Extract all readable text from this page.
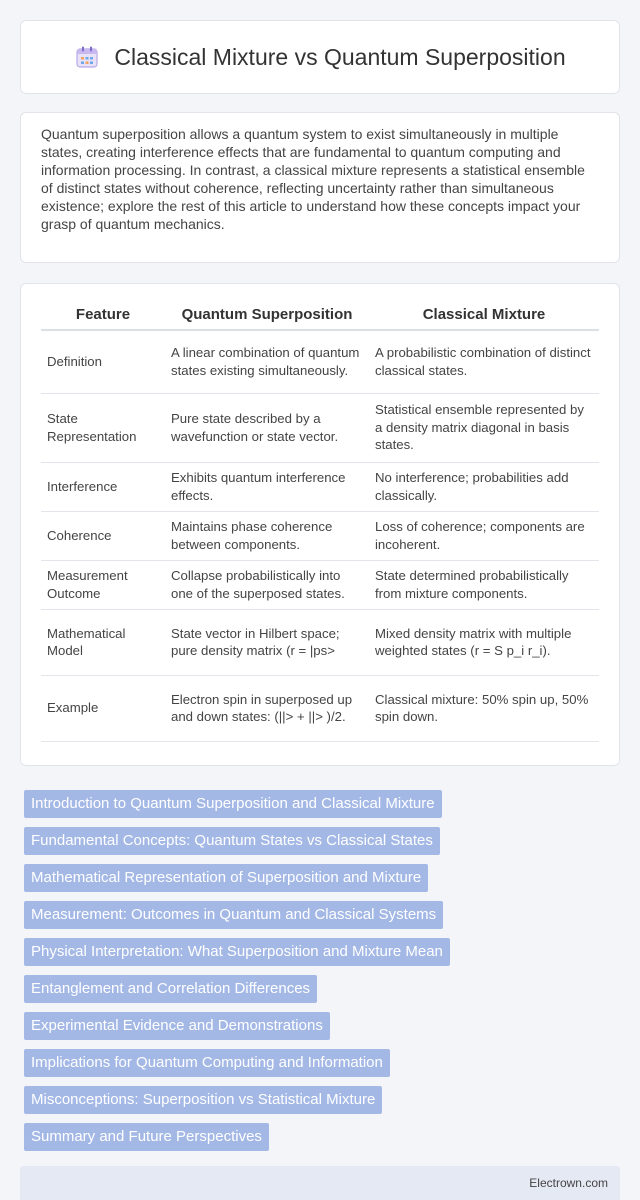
Classical Mixture vs Quantum Superposition

Quantum superposition allows a quantum system to exist simultaneously in multiple states, creating interference effects that are fundamental to quantum computing and information processing. In contrast, a classical mixture represents a statistical ensemble of distinct states without coherence, reflecting uncertainty rather than simultaneous existence; explore the rest of this article to understand how these concepts impact your grasp of quantum mechanics.

Feature	Quantum Superposition	Classical Mixture
Definition	A linear combination of quantum states existing simultaneously.	A probabilistic combination of distinct classical states.
State Representation	Pure state described by a wavefunction or state vector.	Statistical ensemble represented by a density matrix diagonal in basis states.
Interference	Exhibits quantum interference effects.	No interference; probabilities add classically.
Coherence	Maintains phase coherence between components.	Loss of coherence; components are incoherent.
Measurement Outcome	Collapse probabilistically into one of the superposed states.	State determined probabilistically from mixture components.
Mathematical Model	State vector in Hilbert space; pure density matrix (r = |ps>	Mixed density matrix with multiple weighted states (r = S p_i r_i).
Example	Electron spin in superposed up and down states: (||> + ||> )/2.	Classical mixture: 50% spin up, 50% spin down.
Introduction to Quantum Superposition and Classical Mixture
Fundamental Concepts: Quantum States vs Classical States
Mathematical Representation of Superposition and Mixture
Measurement: Outcomes in Quantum and Classical Systems
Physical Interpretation: What Superposition and Mixture Mean
Entanglement and Correlation Differences
Experimental Evidence and Demonstrations
Implications for Quantum Computing and Information
Misconceptions: Superposition vs Statistical Mixture
Summary and Future Perspectives
Electrown.com
